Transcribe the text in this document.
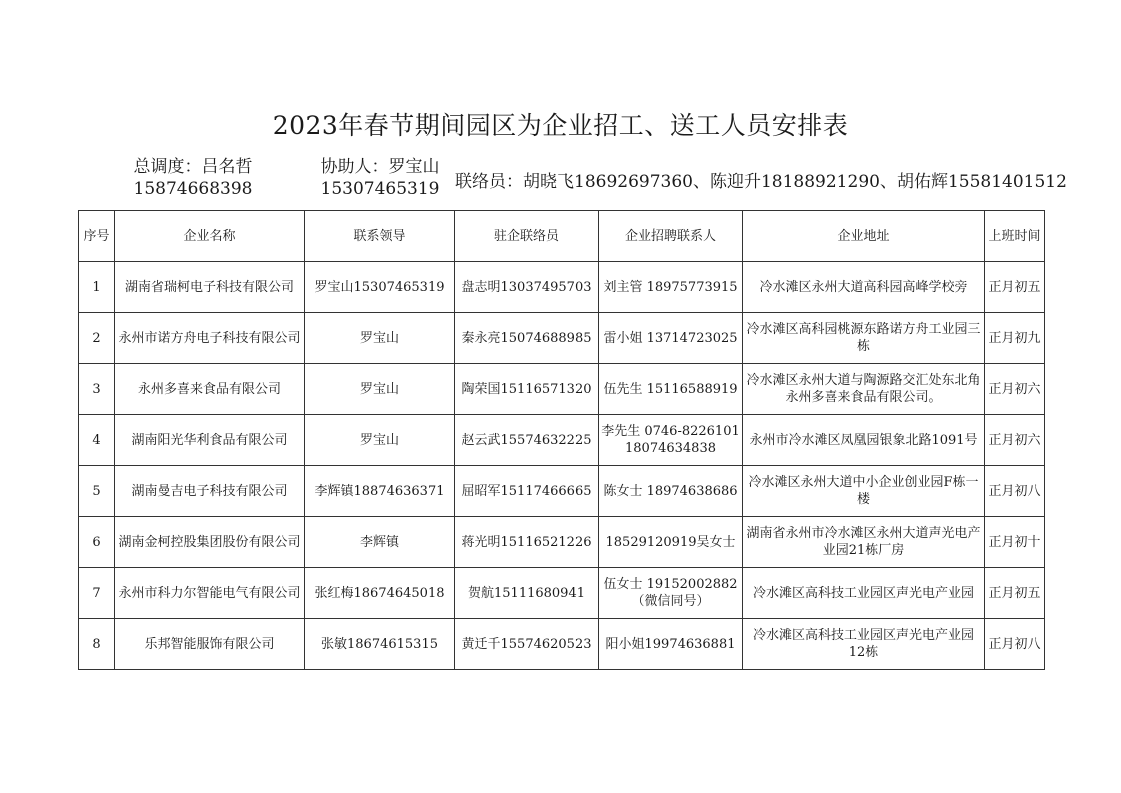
2023年春节期间园区为企业招工、送工人员安排表
总调度：吕名哲
15874668398
协助人：罗宝山
15307465319 联络员：胡晓飞18692697360、陈迎升18188921290、胡佑辉15581401512
序号	企业名称	联系领导	驻企联络员	企业招聘联系人	企业地址	上班时间
1	湖南省瑞柯电子科技有限公司	罗宝山15307465319	盘志明13037495703	刘主管 18975773915	冷水滩区永州大道高科园高峰学校旁	正月初五
2	永州市诺方舟电子科技有限公司	罗宝山	秦永亮15074688985	雷小姐 13714723025	冷水滩区高科园桃源东路诺方舟工业园三栋	正月初九
3	永州多喜来食品有限公司	罗宝山	陶荣国15116571320	伍先生 15116588919	冷水滩区永州大道与陶源路交汇处东北角永州多喜来食品有限公司。	正月初六
4	湖南阳光华利食品有限公司	罗宝山	赵云武15574632225	李先生 0746-8226101 18074634838	永州市冷水滩区凤凰园银象北路1091号	正月初六
5	湖南曼吉电子科技有限公司	李辉镇18874636371	屈昭军15117466665	陈女士 18974638686	冷水滩区永州大道中小企业创业园F栋一楼	正月初八
6	湖南金柯控股集团股份有限公司	李辉镇	蒋光明15116521226	18529120919吴女士	湖南省永州市冷水滩区永州大道声光电产业园21栋厂房	正月初十
7	永州市科力尔智能电气有限公司	张红梅18674645018	贺航15111680941	伍女士 19152002882 （微信同号）	冷水滩区高科技工业园区声光电产业园	正月初五
8	乐邦智能服饰有限公司	张敏18674615315	黄迁千15574620523	阳小姐19974636881	冷水滩区高科技工业园区声光电产业园12栋	正月初八
